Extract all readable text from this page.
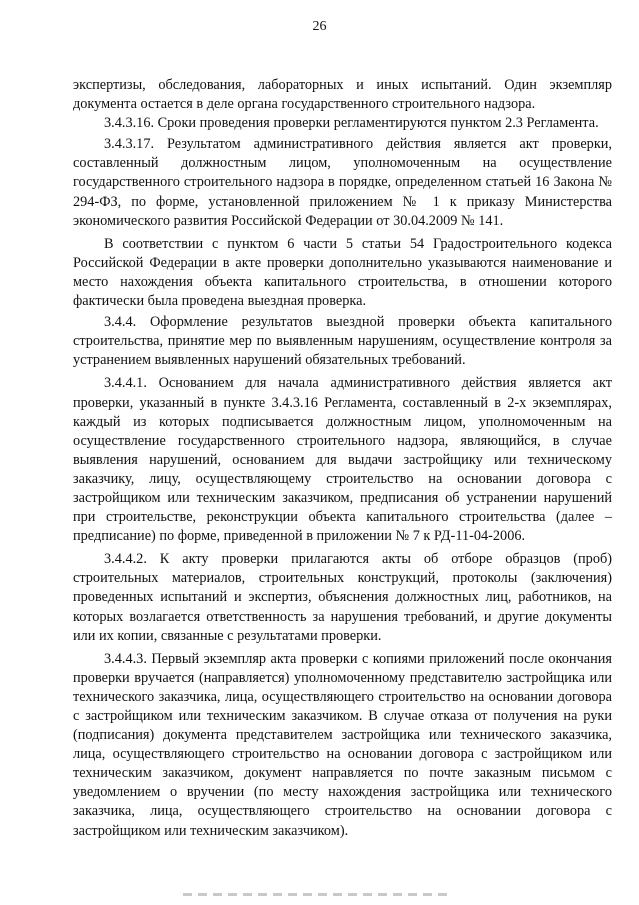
26

экспертизы, обследования, лабораторных и иных испытаний. Один экземпляр документа остается в деле органа государственного строительного надзора.

3.4.3.16. Сроки проведения проверки регламентируются пунктом 2.3 Регламента.

3.4.3.17. Результатом административного действия является акт проверки, составленный должностным лицом, уполномоченным на осуществление государственного строительного надзора в порядке, определенном статьей 16 Закона № 294-ФЗ, по форме, установленной приложением № 1 к приказу Министерства экономического развития Российской Федерации от 30.04.2009 № 141.

В соответствии с пунктом 6 части 5 статьи 54 Градостроительного кодекса Российской Федерации в акте проверки дополнительно указываются наименование и место нахождения объекта капитального строительства, в отношении которого фактически была проведена выездная проверка.

3.4.4. Оформление результатов выездной проверки объекта капитального строительства, принятие мер по выявленным нарушениям, осуществление контроля за устранением выявленных нарушений обязательных требований.

3.4.4.1. Основанием для начала административного действия является акт проверки, указанный в пункте 3.4.3.16 Регламента, составленный в 2-х экземплярах, каждый из которых подписывается должностным лицом, уполномоченным на осуществление государственного строительного надзора, являющийся, в случае выявления нарушений, основанием для выдачи застройщику или техническому заказчику, лицу, осуществляющему строительство на основании договора с застройщиком или техническим заказчиком, предписания об устранении нарушений при строительстве, реконструкции объекта капитального строительства (далее – предписание) по форме, приведенной в приложении № 7 к РД-11-04-2006.

3.4.4.2. К акту проверки прилагаются акты об отборе образцов (проб) строительных материалов, строительных конструкций, протоколы (заключения) проведенных испытаний и экспертиз, объяснения должностных лиц, работников, на которых возлагается ответственность за нарушения требований, и другие документы или их копии, связанные с результатами проверки.

3.4.4.3. Первый экземпляр акта проверки с копиями приложений после окончания проверки вручается (направляется) уполномоченному представителю застройщика или технического заказчика, лица, осуществляющего строительство на основании договора с застройщиком или техническим заказчиком. В случае отказа от получения на руки (подписания) документа представителем застройщика или технического заказчика, лица, осуществляющего строительство на основании договора с застройщиком или техническим заказчиком, документ направляется по почте заказным письмом с уведомлением о вручении (по месту нахождения застройщика или технического заказчика, лица, осуществляющего строительство на основании договора с застройщиком или техническим заказчиком).
